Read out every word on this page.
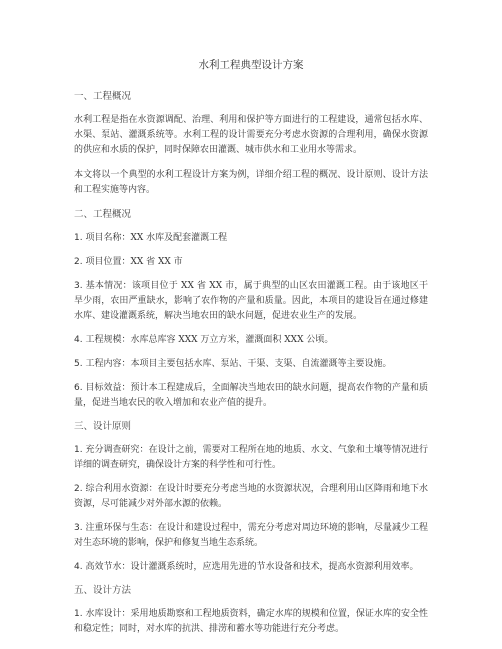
水利工程典型设计方案
一、工程概况

水利工程是指在水资源调配、治理、利用和保护等方面进行的工程建设，通常包括水库、水渠、泵站、灌溉系统等。水利工程的设计需要充分考虑水资源的合理利用，确保水资源的供应和水质的保护，同时保障农田灌溉、城市供水和工业用水等需求。

本文将以一个典型的水利工程设计方案为例，详细介绍工程的概况、设计原则、设计方法和工程实施等内容。

二、工程概况
1. 项目名称：XX 水库及配套灌溉工程
2. 项目位置：XX 省 XX 市
3. 基本情况：该项目位于 XX 省 XX 市，属于典型的山区农田灌溉工程。由于该地区干旱少雨，农田严重缺水，影响了农作物的产量和质量。因此，本项目的建设旨在通过修建水库、建设灌溉系统，解决当地农田的缺水问题，促进农业生产的发展。
4. 工程规模：水库总库容 XXX 万立方米，灌溉面积 XXX 公顷。
5. 工程内容：本项目主要包括水库、泵站、干渠、支渠、自流灌溉等主要设施。
6. 目标效益：预计本工程建成后，全面解决当地农田的缺水问题，提高农作物的产量和质量，促进当地农民的收入增加和农业产值的提升。
三、设计原则
1. 充分调查研究：在设计之前，需要对工程所在地的地质、水文、气象和土壤等情况进行详细的调查研究，确保设计方案的科学性和可行性。
2. 综合利用水资源：在设计时要充分考虑当地的水资源状况，合理利用山区降雨和地下水资源，尽可能减少对外部水源的依赖。
3. 注重环保与生态：在设计和建设过程中，需充分考虑对周边环境的影响，尽量减少工程对生态环境的影响，保护和修复当地生态系统。
4. 高效节水：设计灌溉系统时，应选用先进的节水设备和技术，提高水资源利用效率。
五、设计方法
1. 水库设计：采用地质勘察和工程地质资料，确定水库的规模和位置，保证水库的安全性和稳定性；同时，对水库的抗洪、排涝和蓄水等功能进行充分考虑。
